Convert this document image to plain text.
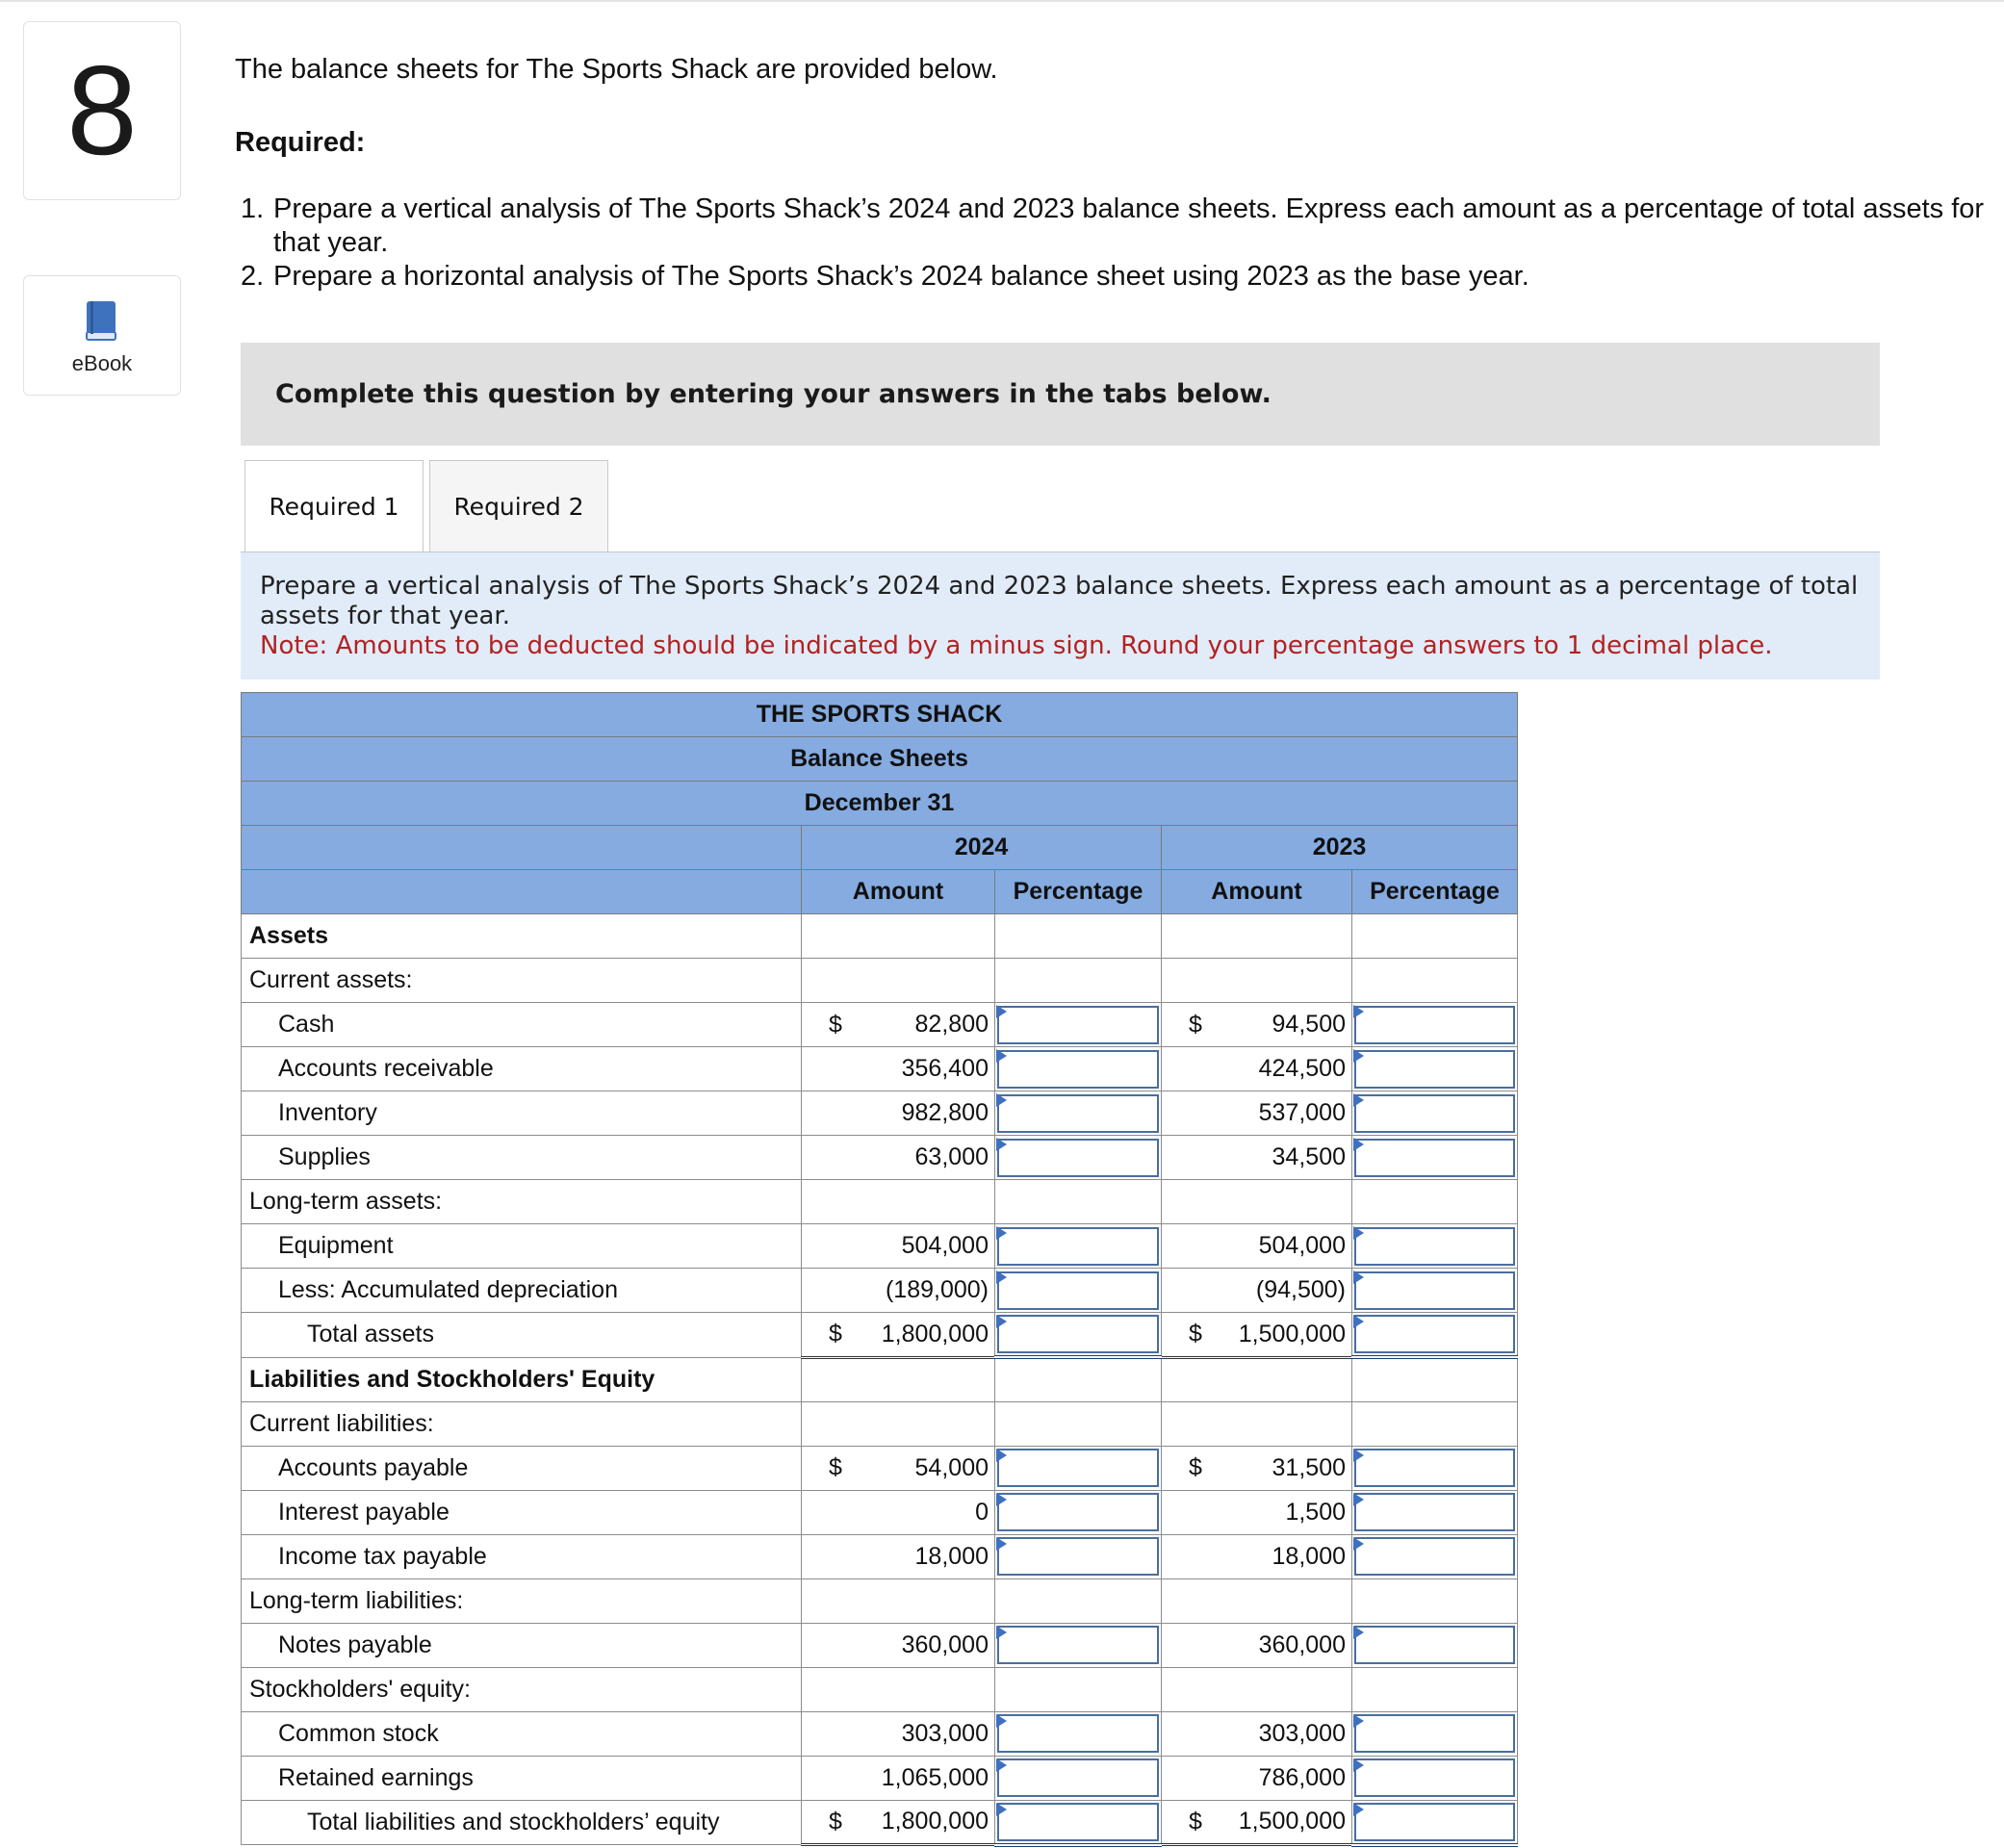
8
eBook
The balance sheets for The Sports Shack are provided below.
Required:
1. Prepare a vertical analysis of The Sports Shack’s 2024 and 2023 balance sheets. Express each amount as a percentage of total assets for that year.
2. Prepare a horizontal analysis of The Sports Shack’s 2024 balance sheet using 2023 as the base year.
Complete this question by entering your answers in the tabs below.
Required 1	Required 2
Prepare a vertical analysis of The Sports Shack’s 2024 and 2023 balance sheets. Express each amount as a percentage of total assets for that year.
Note: Amounts to be deducted should be indicated by a minus sign. Round your percentage answers to 1 decimal place.
THE SPORTS SHACK				
Balance Sheets				
December 31				
	2024		2023	
	Amount	Percentage	Amount	Percentage
Assets				
Current assets:				
Cash	$ 82,800		$ 94,500	

Accounts receivable	356,400		424,500	

Inventory	982,800		537,000	

Supplies	63,000		34,500	

Long-term assets:				
Equipment	504,000		504,000	

Less: Accumulated depreciation	(189,000)		(94,500)	

Total assets	$ 1,800,000		$ 1,500,000	

Liabilities and Stockholders' Equity				
Current liabilities:				
Accounts payable	$ 54,000		$ 31,500	

Interest payable	0		1,500	

Income tax payable	18,000		18,000	

Long-term liabilities:				
Notes payable	360,000		360,000	

Stockholders' equity:				
Common stock	303,000		303,000	

Retained earnings	1,065,000		786,000	

Total liabilities and stockholders’ equity	$ 1,800,000		$ 1,500,000	
